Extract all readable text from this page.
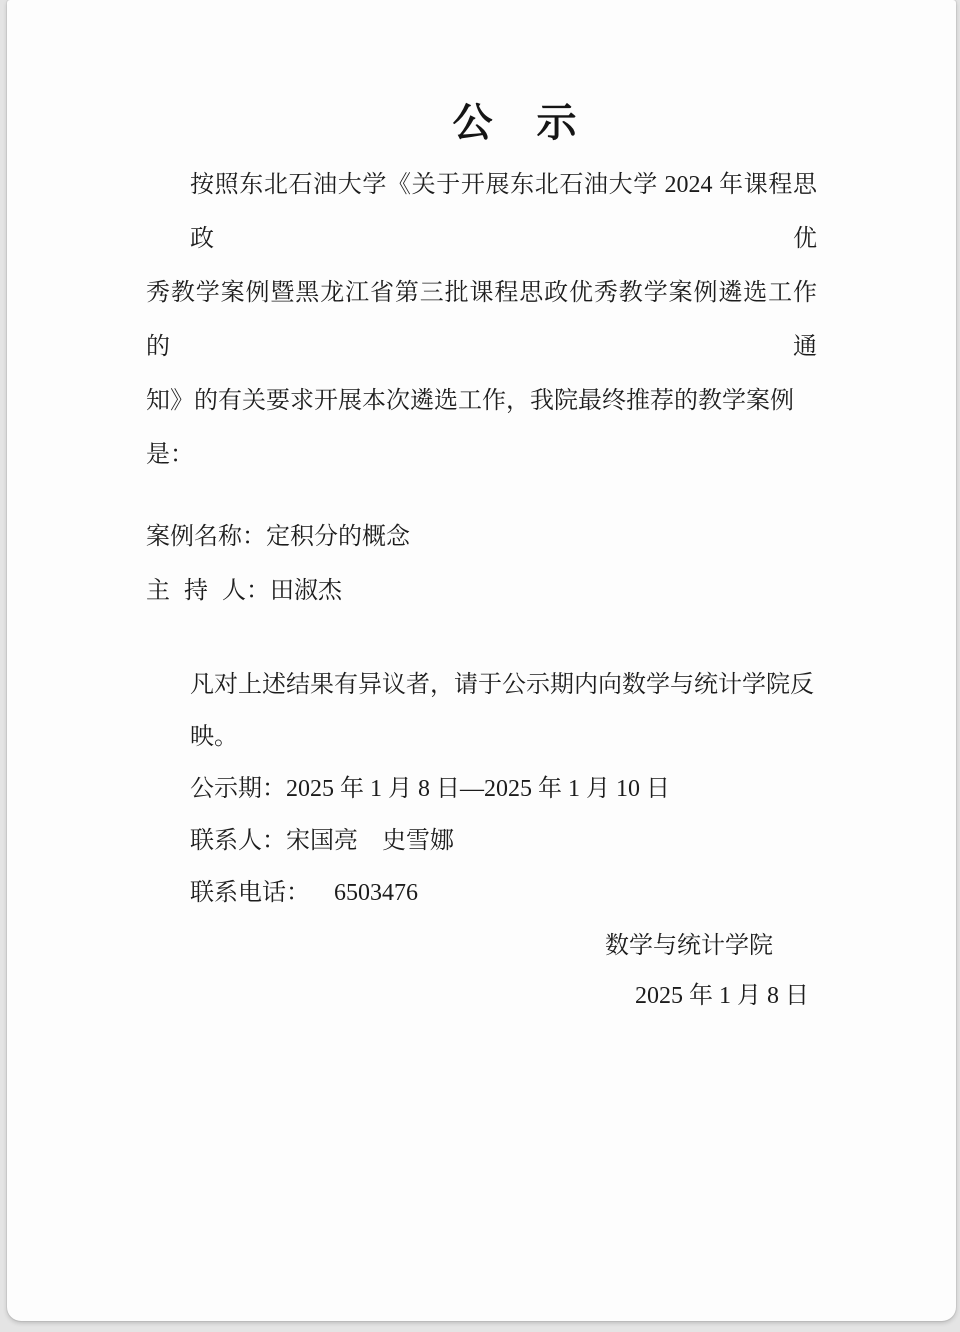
公　示
按照东北石油大学《关于开展东北石油大学 2024 年课程思政优
秀教学案例暨黑龙江省第三批课程思政优秀教学案例遴选工作的通
知》的有关要求开展本次遴选工作，我院最终推荐的教学案例是：
案例名称：定积分的概念
主 持 人：田淑杰
凡对上述结果有异议者，请于公示期内向数学与统计学院反映。
公示期：2025 年 1 月 8 日—2025 年 1 月 10 日
联系人：宋国亮　史雪娜
联系电话： 6503476
数学与统计学院
2025 年 1 月 8 日
